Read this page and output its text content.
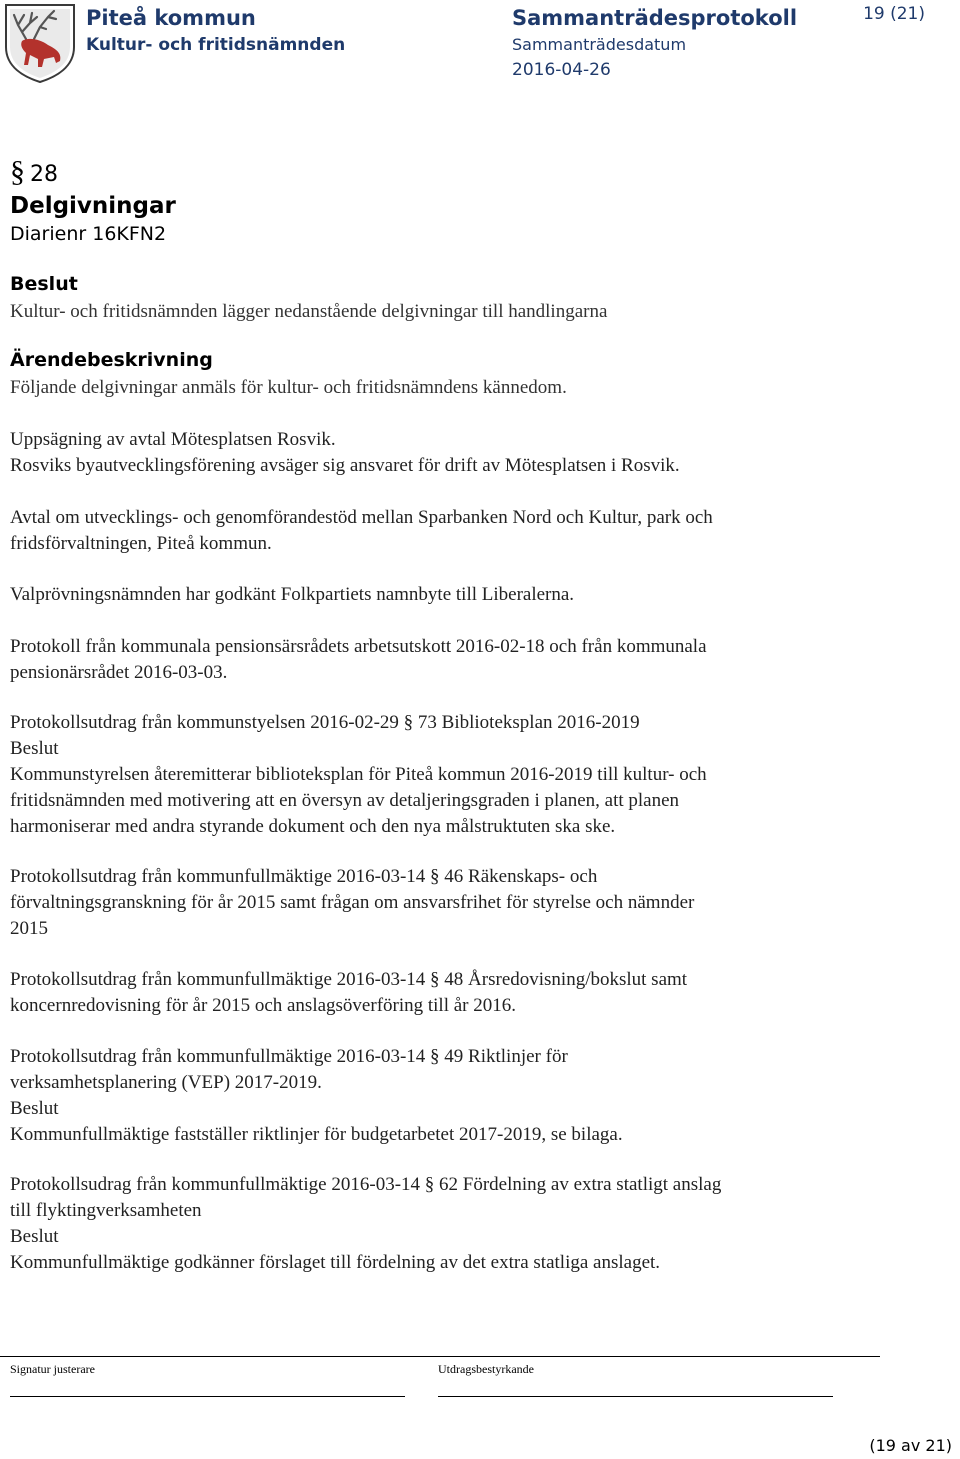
Piteå kommun
Kultur- och fritidsnämnden
Sammanträdesprotokoll
Sammanträdesdatum
2016-04-26
19 (21)
§ 28
Delgivningar
Diarienr 16KFN2
Beslut
Kultur- och fritidsnämnden lägger nedanstående delgivningar till handlingarna
Ärendebeskrivning
Följande delgivningar anmäls för kultur- och fritidsnämndens kännedom.
Uppsägning av avtal Mötesplatsen Rosvik.
Rosviks byautvecklingsförening avsäger sig ansvaret för drift av Mötesplatsen i Rosvik.
Avtal om utvecklings- och genomförandestöd mellan Sparbanken Nord och Kultur, park och
fridsförvaltningen, Piteå kommun.
Valprövningsnämnden har godkänt Folkpartiets namnbyte till Liberalerna.
Protokoll från kommunala pensionsärsrådets arbetsutskott 2016-02-18 och från kommunala
pensionärsrådet 2016-03-03.
Protokollsutdrag från kommunstyelsen 2016-02-29 § 73 Biblioteksplan 2016-2019
Beslut
Kommunstyrelsen återemitterar biblioteksplan för Piteå kommun 2016-2019 till kultur- och
fritidsnämnden med motivering att en översyn av detaljeringsgraden i planen, att planen
harmoniserar med andra styrande dokument och den nya målstruktuten ska ske.
Protokollsutdrag från kommunfullmäktige 2016-03-14 § 46 Räkenskaps- och
förvaltningsgranskning för år 2015 samt frågan om ansvarsfrihet för styrelse och nämnder
2015
Protokollsutdrag från kommunfullmäktige 2016-03-14 § 48 Årsredovisning/bokslut samt
koncernredovisning för år 2015 och anslagsöverföring till år 2016.
Protokollsutdrag från kommunfullmäktige 2016-03-14 § 49 Riktlinjer för
verksamhetsplanering (VEP) 2017-2019.
Beslut
Kommunfullmäktige fastställer riktlinjer för budgetarbetet 2017-2019, se bilaga.
Protokollsudrag från kommunfullmäktige 2016-03-14 § 62 Fördelning av extra statligt anslag
till flyktingverksamheten
Beslut
Kommunfullmäktige godkänner förslaget till fördelning av det extra statliga anslaget.
Signatur justerare	Utdragsbestyrkande
(19 av 21)
